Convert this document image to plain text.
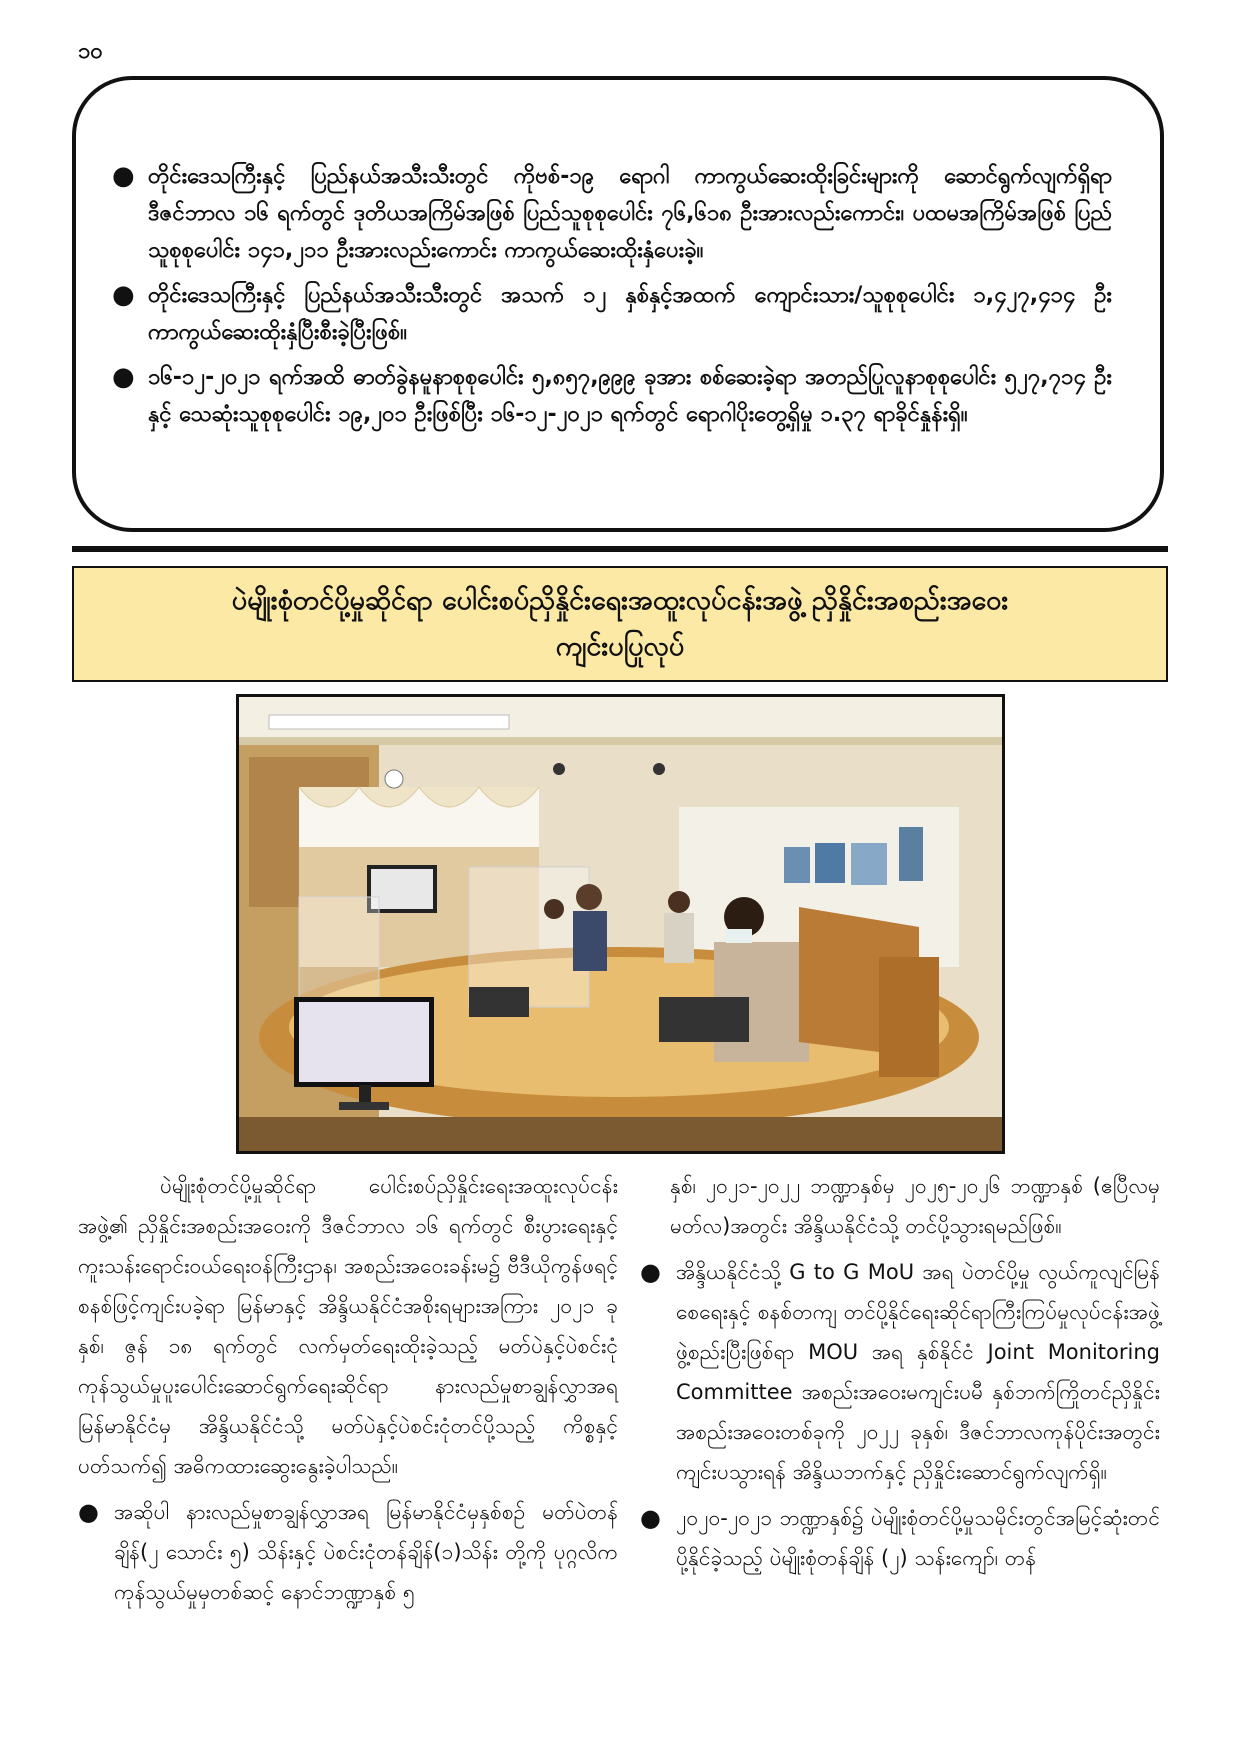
၁၀
● တိုင်းဒေသကြီးနှင့် ပြည်နယ်အသီးသီးတွင် ကိုဗစ်-၁၉ ရောဂါ ကာကွယ်ဆေးထိုးခြင်းများကို ဆောင်ရွက်လျက်ရှိရာ ဒီဇင်ဘာလ ၁၆ ရက်တွင် ဒုတိယအကြိမ်အဖြစ် ပြည်သူစုစုပေါင်း ၇၆,၆၁၈ ဦးအားလည်းကောင်း၊ ပထမအကြိမ်အဖြစ် ပြည်သူစုစုပေါင်း ၁၄၁,၂၁၁ ဦးအားလည်းကောင်း ကာကွယ်ဆေးထိုးနှံပေးခဲ့။
● တိုင်းဒေသကြီးနှင့် ပြည်နယ်အသီးသီးတွင် အသက် ၁၂ နှစ်နှင့်အထက် ကျောင်းသား/သူစုစုပေါင်း ၁,၄၂၇,၄၁၄ ဦး ကာကွယ်ဆေးထိုးနှံပြီးစီးခဲ့ပြီးဖြစ်။
● ၁၆-၁၂-၂၀၂၁ ရက်အထိ ဓာတ်ခွဲနမူနာစုစုပေါင်း ၅,၈၅၇,၉၉၉ ခုအား စစ်ဆေးခဲ့ရာ အတည်ပြုလူနာစုစုပေါင်း ၅၂၇,၇၁၄ ဦးနှင့် သေဆုံးသူစုစုပေါင်း ၁၉,၂၀၁ ဦးဖြစ်ပြီး ၁၆-၁၂-၂၀၂၁ ရက်တွင် ရောဂါပိုးတွေ့ရှိမှု ၁.၃၇ ရာခိုင်နှုန်းရှိ။
ပဲမျိုးစုံတင်ပို့မှုဆိုင်ရာ ပေါင်းစပ်ညှိနှိုင်းရေးအထူးလုပ်ငန်းအဖွဲ့ ညှိနှိုင်းအစည်းအဝေး
ကျင်းပပြုလုပ်

ပဲမျိုးစုံတင်ပို့မှုဆိုင်ရာ ပေါင်းစပ်ညှိနှိုင်းရေးအထူးလုပ်ငန်းအဖွဲ့၏ ညှိနှိုင်းအစည်းအဝေးကို ဒီဇင်ဘာလ ၁၆ ရက်တွင် စီးပွားရေးနှင့် ကူးသန်းရောင်းဝယ်ရေးဝန်ကြီးဌာန၊ အစည်းအဝေးခန်းမ၌ ဗီဒီယိုကွန်ဖရင့်စနစ်ဖြင့်ကျင်းပခဲ့ရာ မြန်မာနှင့် အိန္ဒိယနိုင်ငံအစိုးရများအကြား ၂၀၂၁ ခုနှစ်၊ ဇွန် ၁၈ ရက်တွင် လက်မှတ်ရေးထိုးခဲ့သည့် မတ်ပဲနှင့်ပဲစင်းငုံကုန်သွယ်မှုပူးပေါင်းဆောင်ရွက်ရေးဆိုင်ရာ နားလည်မှုစာချွန်လွှာအရ မြန်မာနိုင်ငံမှ အိန္ဒိယနိုင်ငံသို့ မတ်ပဲနှင့်ပဲစင်းငုံတင်ပို့သည့် ကိစ္စနှင့်ပတ်သက်၍ အဓိကထားဆွေးနွေးခဲ့ပါသည်။

● အဆိုပါ နားလည်မှုစာချွန်လွှာအရ မြန်မာနိုင်ငံမှနှစ်စဉ် မတ်ပဲတန်ချိန်(၂ သောင်း ၅) သိန်းနှင့် ပဲစင်းငုံတန်ချိန်(၁)သိန်း တို့ကို ပုဂ္ဂလိကကုန်သွယ်မှုမှတစ်ဆင့် နောင်ဘဏ္ဍာနှစ် ၅

နှစ်၊ ၂၀၂၁-၂၀၂၂ ဘဏ္ဍာနှစ်မှ ၂၀၂၅-၂၀၂၆ ဘဏ္ဍာနှစ် (ဧပြီလမှ မတ်လ)အတွင်း အိန္ဒိယနိုင်ငံသို့ တင်ပို့သွားရမည်ဖြစ်။

● အိန္ဒိယနိုင်ငံသို့ G to G MoU အရ ပဲတင်ပို့မှု လွယ်ကူလျင်မြန်စေရေးနှင့် စနစ်တကျ တင်ပို့နိုင်ရေးဆိုင်ရာကြီးကြပ်မှုလုပ်ငန်းအဖွဲ့ ဖွဲ့စည်းပြီးဖြစ်ရာ MOU အရ နှစ်နိုင်ငံ Joint Monitoring Committee အစည်းအဝေးမကျင်းပမီ နှစ်ဘက်ကြိုတင်ညှိနှိုင်းအစည်းအဝေးတစ်ခုကို ၂၀၂၂ ခုနှစ်၊ ဒီဇင်ဘာလကုန်ပိုင်းအတွင်း ကျင်းပသွားရန် အိန္ဒိယဘက်နှင့် ညှိနှိုင်းဆောင်ရွက်လျက်ရှိ။
● ၂၀၂၀-၂၀၂၁ ဘဏ္ဍာနှစ်၌ ပဲမျိုးစုံတင်ပို့မှုသမိုင်းတွင်အမြင့်ဆုံးတင်ပို့နိုင်ခဲ့သည့် ပဲမျိုးစုံတန်ချိန် (၂) သန်းကျော်၊ တန်
